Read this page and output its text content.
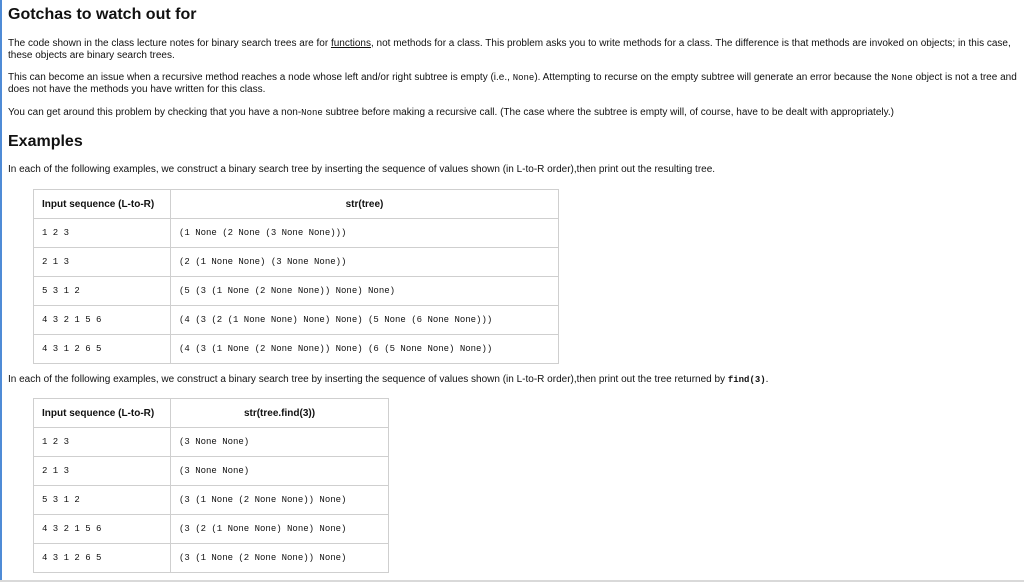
Gotchas to watch out for

The code shown in the class lecture notes for binary search trees are for functions, not methods for a class. This problem asks you to write methods for a class. The difference is that methods are invoked on objects; in this case, these objects are binary search trees.

This can become an issue when a recursive method reaches a node whose left and/or right subtree is empty (i.e., None). Attempting to recurse on the empty subtree will generate an error because the None object is not a tree and does not have the methods you have written for this class.

You can get around this problem by checking that you have a non-None subtree before making a recursive call. (The case where the subtree is empty will, of course, have to be dealt with appropriately.)

Examples

In each of the following examples, we construct a binary search tree by inserting the sequence of values shown (in L-to-R order),then print out the resulting tree.

In each of the following examples, we construct a binary search tree by inserting the sequence of values shown (in L-to-R order),then print out the tree returned by find(3).

Input sequence (L-to-R)	str(tree)
1 2 3	(1 None (2 None (3 None None)))
2 1 3	(2 (1 None None) (3 None None))
5 3 1 2	(5 (3 (1 None (2 None None)) None) None)
4 3 2 1 5 6	(4 (3 (2 (1 None None) None) None) (5 None (6 None None)))
4 3 1 2 6 5	(4 (3 (1 None (2 None None)) None) (6 (5 None None) None))
Input sequence (L-to-R)	str(tree.find(3))
1 2 3	(3 None None)
2 1 3	(3 None None)
5 3 1 2	(3 (1 None (2 None None)) None)
4 3 2 1 5 6	(3 (2 (1 None None) None) None)
4 3 1 2 6 5	(3 (1 None (2 None None)) None)
